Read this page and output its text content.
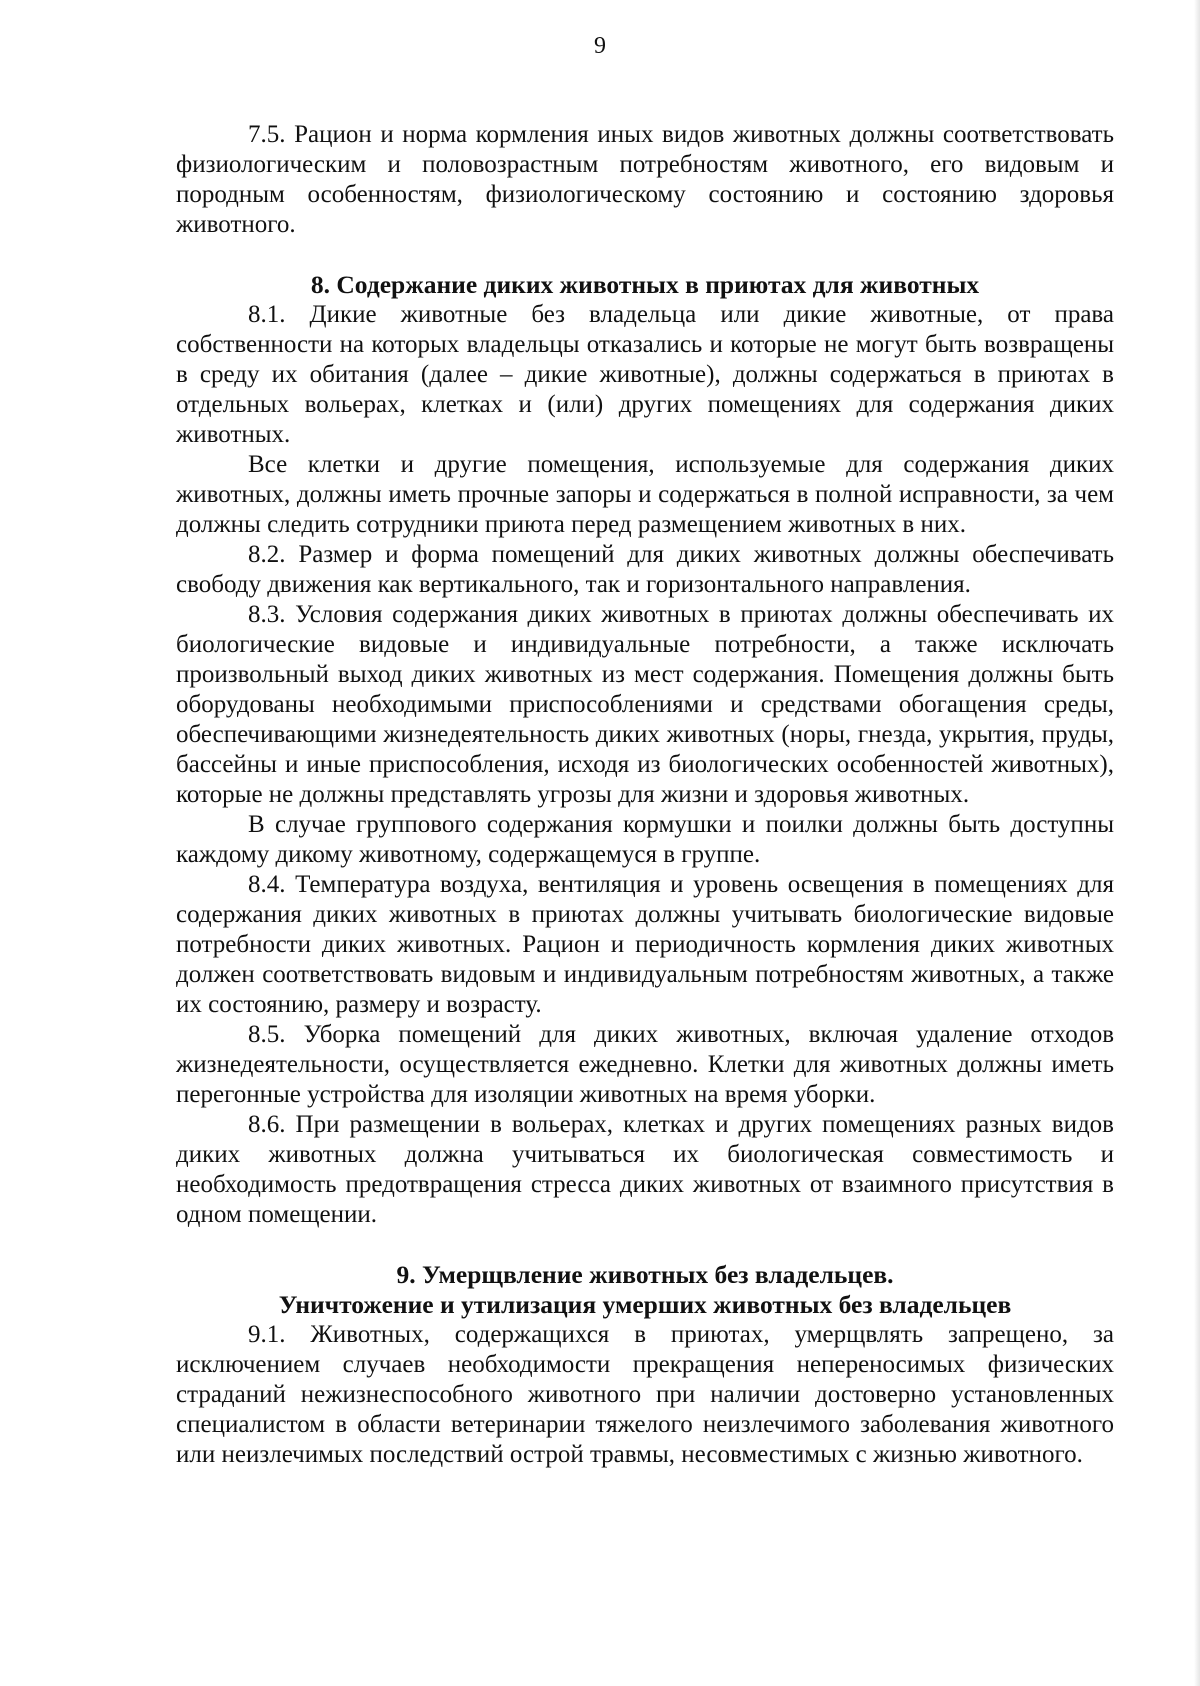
9

7.5. Рацион и норма кормления иных видов животных должны соответствовать физиологическим и половозрастным потребностям животного, его видовым и породным особенностям, физиологическому состоянию и состоянию здоровья животного.

8. Содержание диких животных в приютах для животных

8.1. Дикие животные без владельца или дикие животные, от права собственности на которых владельцы отказались и которые не могут быть возвращены в среду их обитания (далее – дикие животные), должны содержаться в приютах в отдельных вольерах, клетках и (или) других помещениях для содержания диких животных.

Все клетки и другие помещения, используемые для содержания диких животных, должны иметь прочные запоры и содержаться в полной исправности, за чем должны следить сотрудники приюта перед размещением животных в них.

8.2. Размер и форма помещений для диких животных должны обеспечивать свободу движения как вертикального, так и горизонтального направления.

8.3. Условия содержания диких животных в приютах должны обеспечивать их биологические видовые и индивидуальные потребности, а также исключать произвольный выход диких животных из мест содержания. Помещения должны быть оборудованы необходимыми приспособлениями и средствами обогащения среды, обеспечивающими жизнедеятельность диких животных (норы, гнезда, укрытия, пруды, бассейны и иные приспособления, исходя из биологических особенностей животных), которые не должны представлять угрозы для жизни и здоровья животных.

В случае группового содержания кормушки и поилки должны быть доступны каждому дикому животному, содержащемуся в группе.

8.4. Температура воздуха, вентиляция и уровень освещения в помещениях для содержания диких животных в приютах должны учитывать биологические видовые потребности диких животных. Рацион и периодичность кормления диких животных должен соответствовать видовым и индивидуальным потребностям животных, а также их состоянию, размеру и возрасту.

8.5. Уборка помещений для диких животных, включая удаление отходов жизнедеятельности, осуществляется ежедневно. Клетки для животных должны иметь перегонные устройства для изоляции животных на время уборки.

8.6. При размещении в вольерах, клетках и других помещениях разных видов диких животных должна учитываться их биологическая совместимость и необходимость предотвращения стресса диких животных от взаимного присутствия в одном помещении.

9. Умерщвление животных без владельцев.

Уничтожение и утилизация умерших животных без владельцев

9.1. Животных, содержащихся в приютах, умерщвлять запрещено, за исключением случаев необходимости прекращения непереносимых физических страданий нежизнеспособного животного при наличии достоверно установленных специалистом в области ветеринарии тяжелого неизлечимого заболевания животного или неизлечимых последствий острой травмы, несовместимых с жизнью животного.
